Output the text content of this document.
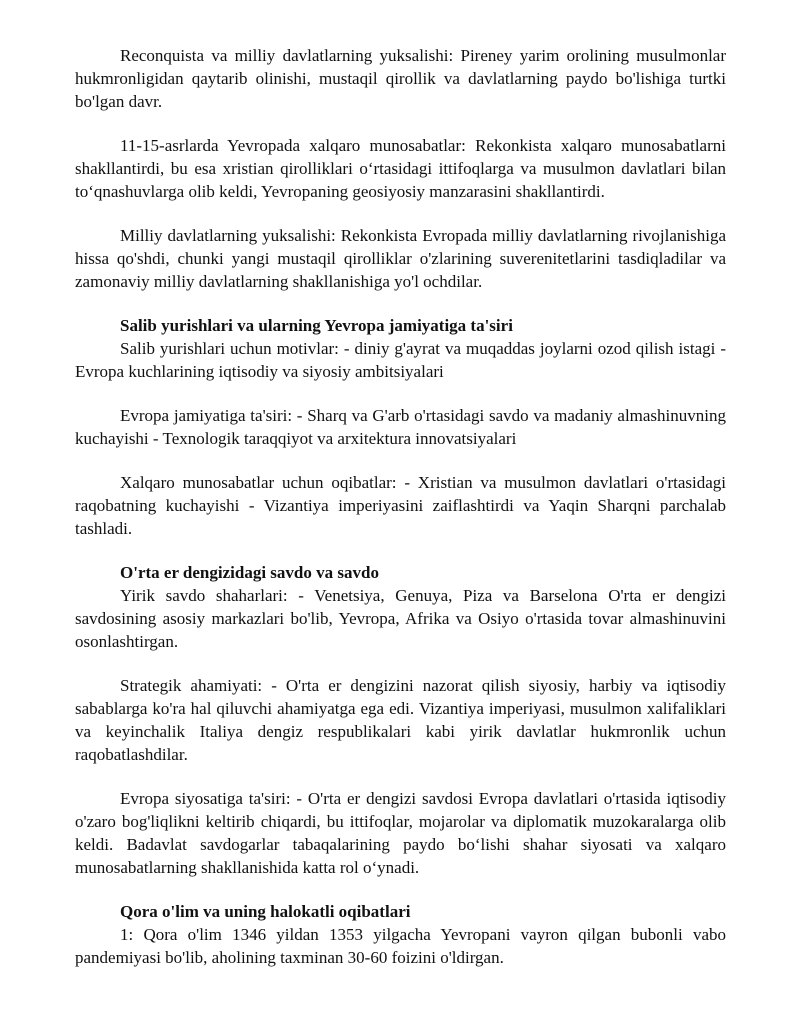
Reconquista va milliy davlatlarning yuksalishi: Pireney yarim orolining musulmonlar hukmronligidan qaytarib olinishi, mustaqil qirollik va davlatlarning paydo bo'lishiga turtki bo'lgan davr.

11-15-asrlarda Yevropada xalqaro munosabatlar: Rekonkista xalqaro munosabatlarni shakllantirdi, bu esa xristian qirolliklari o‘rtasidagi ittifoqlarga va musulmon davlatlari bilan to‘qnashuvlarga olib keldi, Yevropaning geosiyosiy manzarasini shakllantirdi.

Milliy davlatlarning yuksalishi: Rekonkista Evropada milliy davlatlarning rivojlanishiga hissa qo'shdi, chunki yangi mustaqil qirolliklar o'zlarining suverenitetlarini tasdiqladilar va zamonaviy milliy davlatlarning shakllanishiga yo'l ochdilar.

Salib yurishlari va ularning Yevropa jamiyatiga ta'siri

Salib yurishlari uchun motivlar: - diniy g'ayrat va muqaddas joylarni ozod qilish istagi - Evropa kuchlarining iqtisodiy va siyosiy ambitsiyalari

Evropa jamiyatiga ta'siri: - Sharq va G'arb o'rtasidagi savdo va madaniy almashinuvning kuchayishi - Texnologik taraqqiyot va arxitektura innovatsiyalari

Xalqaro munosabatlar uchun oqibatlar: - Xristian va musulmon davlatlari o'rtasidagi raqobatning kuchayishi - Vizantiya imperiyasini zaiflashtirdi va Yaqin Sharqni parchalab tashladi.

O'rta er dengizidagi savdo va savdo

Yirik savdo shaharlari: - Venetsiya, Genuya, Piza va Barselona O'rta er dengizi savdosining asosiy markazlari bo'lib, Yevropa, Afrika va Osiyo o'rtasida tovar almashinuvini osonlashtirgan.

Strategik ahamiyati: - O'rta er dengizini nazorat qilish siyosiy, harbiy va iqtisodiy sabablarga ko'ra hal qiluvchi ahamiyatga ega edi. Vizantiya imperiyasi, musulmon xalifaliklari va keyinchalik Italiya dengiz respublikalari kabi yirik davlatlar hukmronlik uchun raqobatlashdilar.

Evropa siyosatiga ta'siri: - O'rta er dengizi savdosi Evropa davlatlari o'rtasida iqtisodiy o'zaro bog'liqlikni keltirib chiqardi, bu ittifoqlar, mojarolar va diplomatik muzokaralarga olib keldi. Badavlat savdogarlar tabaqalarining paydo bo‘lishi shahar siyosati va xalqaro munosabatlarning shakllanishida katta rol o‘ynadi.

Qora o'lim va uning halokatli oqibatlari

1: Qora o'lim 1346 yildan 1353 yilgacha Yevropani vayron qilgan bubonli vabo pandemiyasi bo'lib, aholining taxminan 30-60 foizini o'ldirgan.
